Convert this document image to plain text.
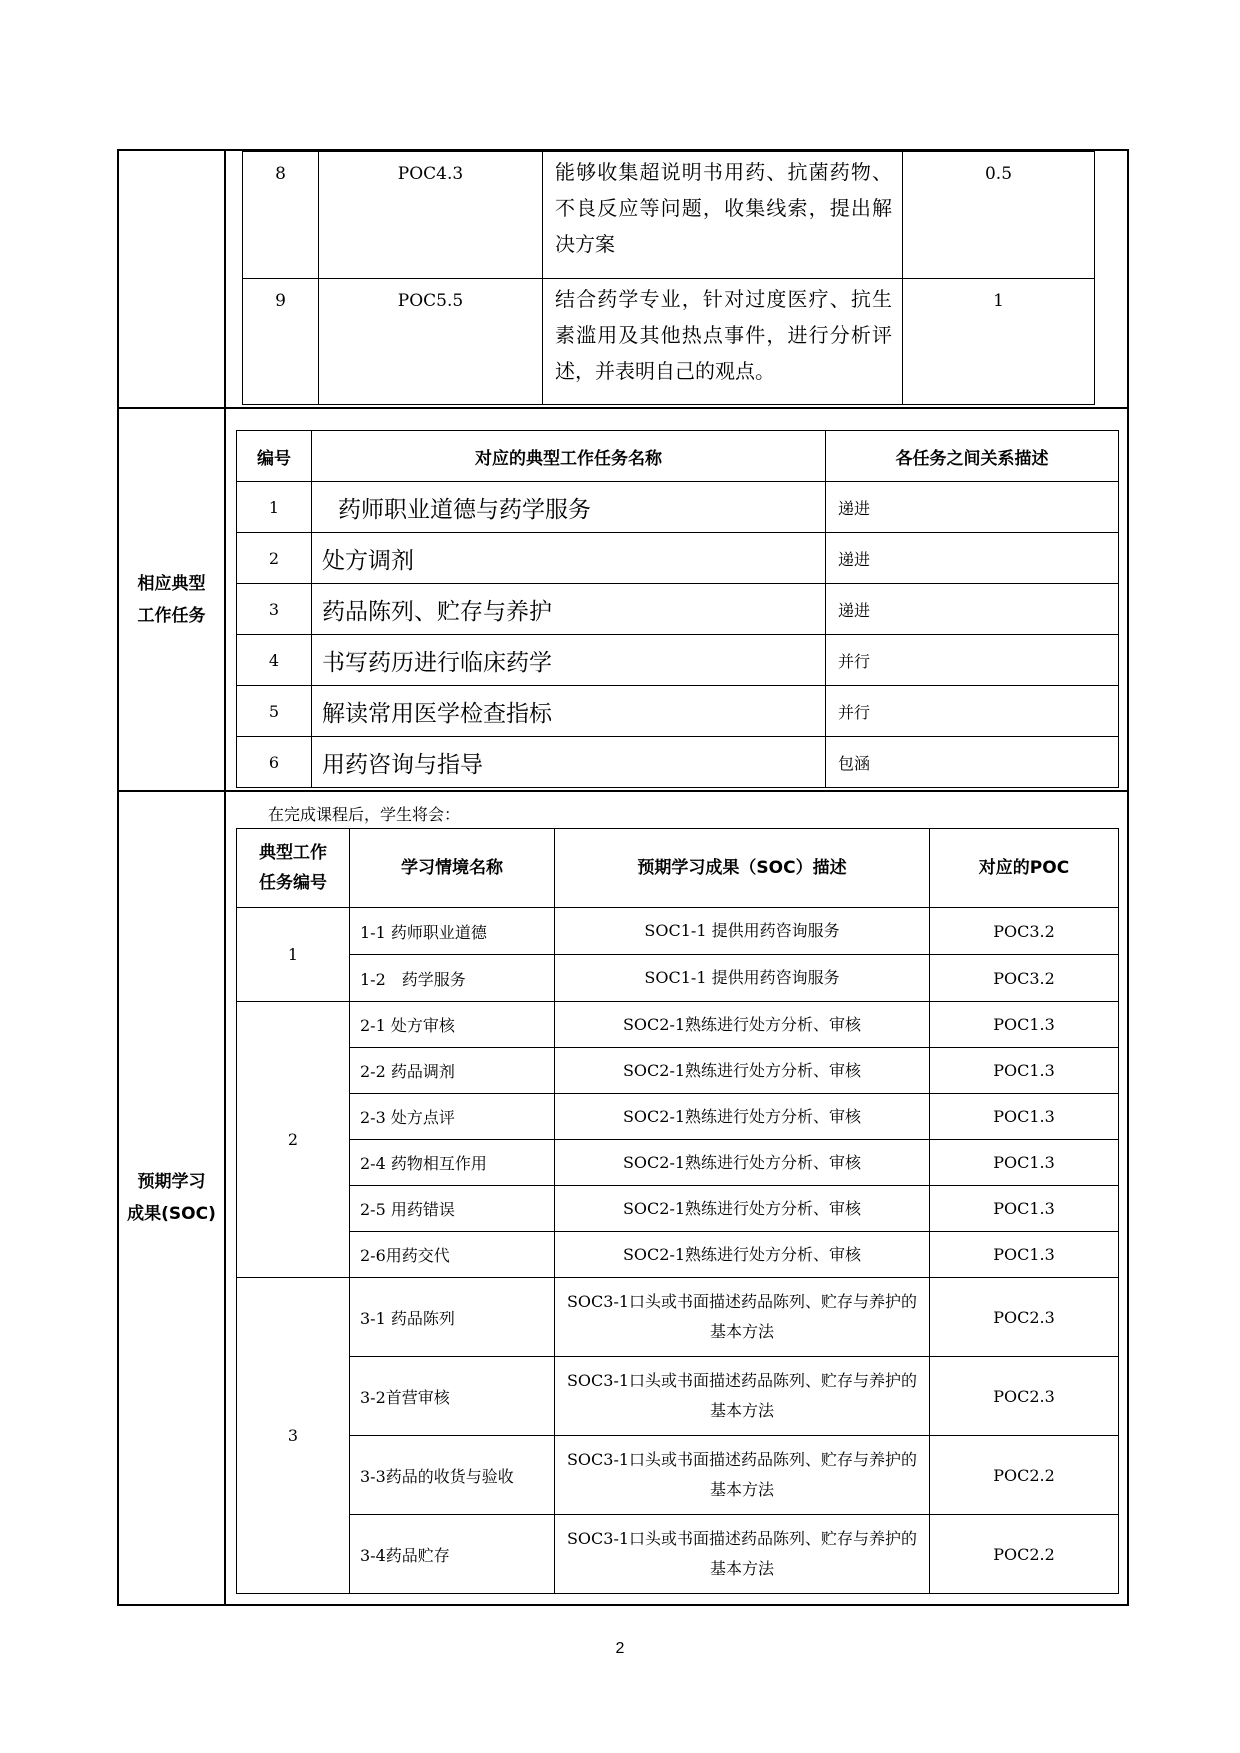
8	POC4.3	能够收集超说明书用药、抗菌药物、不良反应等问题，收集线索，提出解决方案	0.5
9	POC5.5	结合药学专业，针对过度医疗、抗生素滥用及其他热点事件，进行分析评述，并表明自己的观点。	1

相应典型
工作任务

编号	对应的典型工作任务名称	各任务之间关系描述
1	药师职业道德与药学服务	递进
2	处方调剂	递进
3	药品陈列、贮存与养护	递进
4	书写药历进行临床药学	并行
5	解读常用医学检查指标	并行
6	用药咨询与指导	包涵

预期学习
成果(SOC)

在完成课程后，学生将会：
典型工作
任务编号
	学习情境名称	预期学习成果（SOC）描述	对应的POC
1	1-1 药师职业道德	SOC1-1 提供用药咨询服务	POC3.2
1-2　药学服务	SOC1-1 提供用药咨询服务	POC3.2
2	2-1 处方审核	SOC2-1熟练进行处方分析、审核	POC1.3
2-2 药品调剂	SOC2-1熟练进行处方分析、审核	POC1.3
2-3 处方点评	SOC2-1熟练进行处方分析、审核	POC1.3
2-4 药物相互作用	SOC2-1熟练进行处方分析、审核	POC1.3
2-5 用药错误	SOC2-1熟练进行处方分析、审核	POC1.3
2-6用药交代	SOC2-1熟练进行处方分析、审核	POC1.3
3	3-1 药品陈列	SOC3-1口头或书面描述药品陈列、贮存与养护的基本方法	POC2.3
3-2首营审核	SOC3-1口头或书面描述药品陈列、贮存与养护的基本方法	POC2.3
3-3药品的收货与验收	SOC3-1口头或书面描述药品陈列、贮存与养护的基本方法	POC2.2
3-4药品贮存	SOC3-1口头或书面描述药品陈列、贮存与养护的基本方法	POC2.2
2
